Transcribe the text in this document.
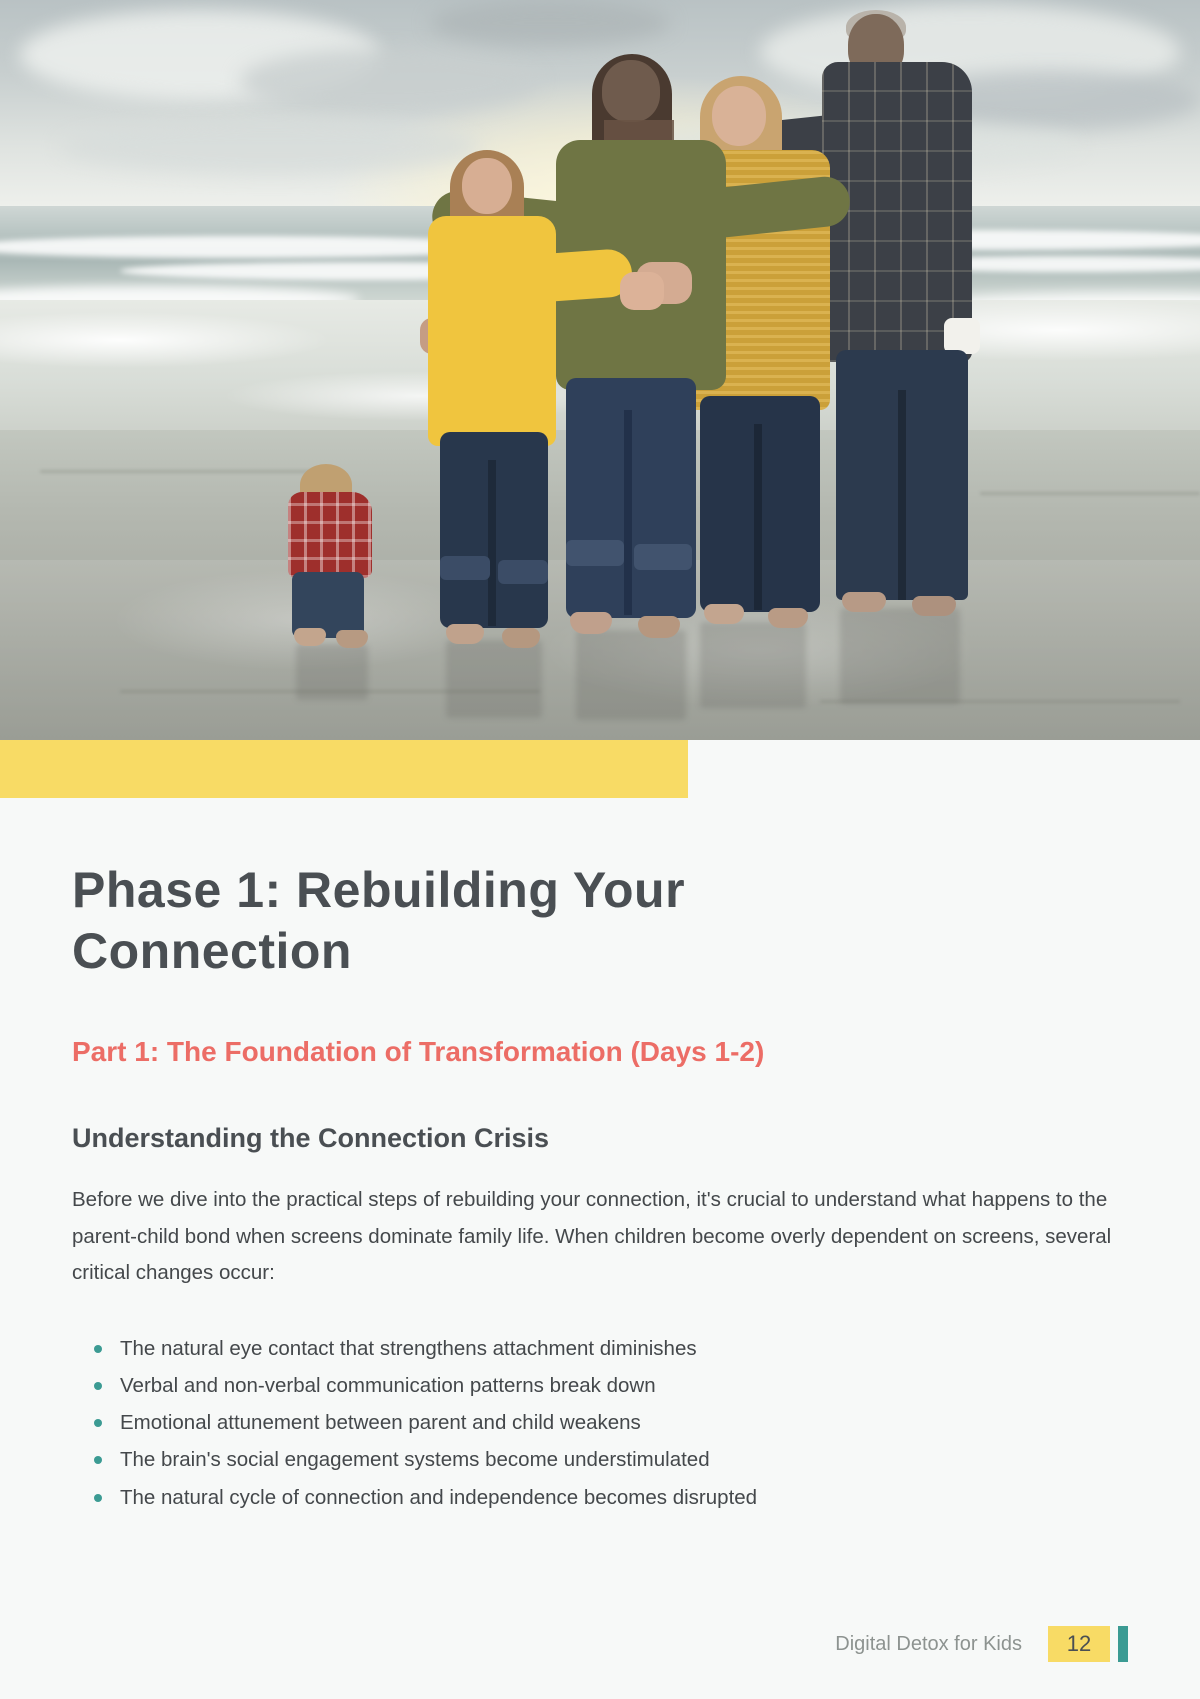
Phase 1: Rebuilding Your Connection
Part 1: The Foundation of Transformation (Days 1-2)
Understanding the Connection Crisis

Before we dive into the practical steps of rebuilding your connection, it's crucial to understand what happens to the parent-child bond when screens dominate family life. When children become overly dependent on screens, several critical changes occur:

The natural eye contact that strengthens attachment diminishes
Verbal and non-verbal communication patterns break down
Emotional attunement between parent and child weakens
The brain's social engagement systems become understimulated
The natural cycle of connection and independence becomes disrupted
Digital Detox for Kids	12
